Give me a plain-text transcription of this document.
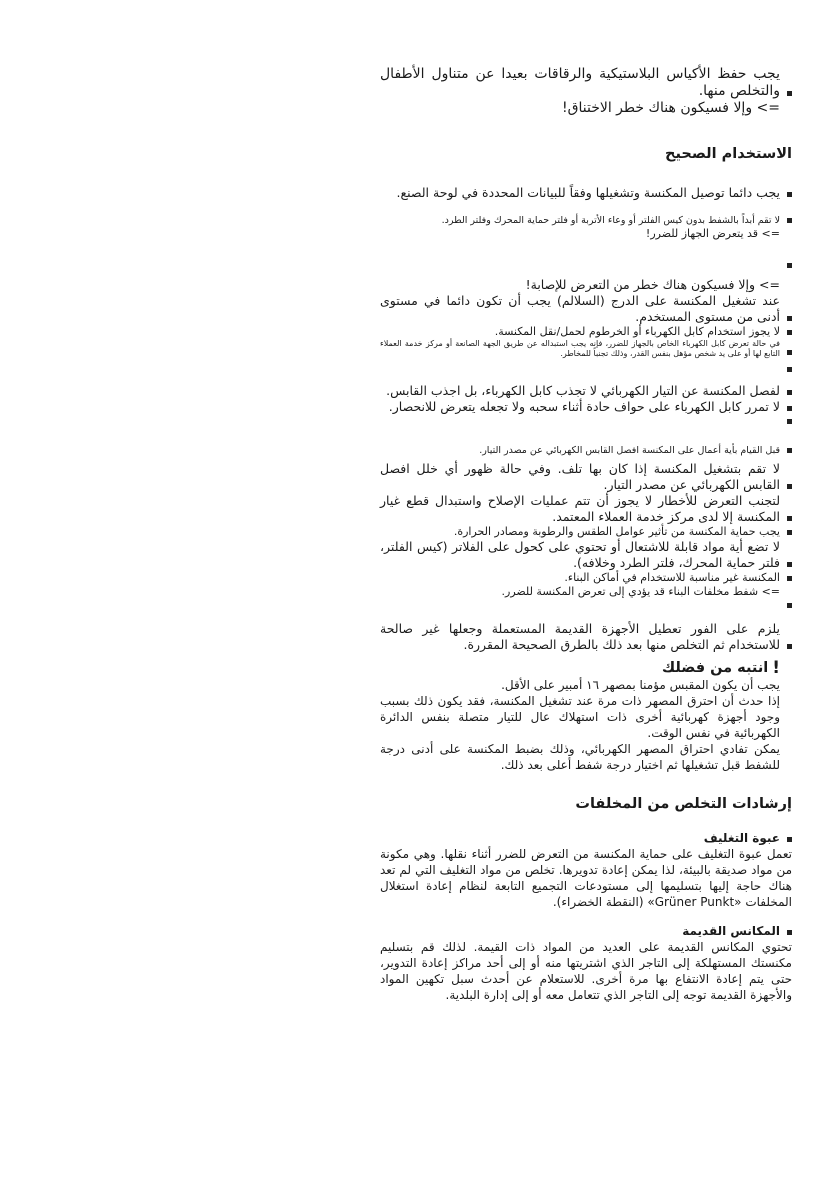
يجب حفظ الأكياس البلاستيكية والرقاقات بعيدا عن متناول الأطفال والتخلص منها.
=> وإلا فسيكون هناك خطر الاختناق!
الاستخدام الصحيح
يجب دائما توصيل المكنسة وتشغيلها وفقاً للبيانات المحددة في لوحة الصنع.
لا تقم أبداً بالشفط بدون كيس الفلتر أو وعاء الأتربة أو فلتر حماية المحرك وفلتر الطرد.
=> قد يتعرض الجهاز للضرر!
=> وإلا فسيكون هناك خطر من التعرض للإصابة!
عند تشغيل المكنسة على الدرج (السلالم) يجب أن تكون دائما في مستوى أدنى من مستوى المستخدم.
لا يجوز استخدام كابل الكهرباء أو الخرطوم لحمل/نقل المكنسة.
في حالة تعرض كابل الكهرباء الخاص بالجهاز للضرر، فإنه يجب استبداله عن طريق الجهة الصانعة أو مركز خدمة العملاء التابع لها أو على يد شخص مؤهل بنفس القدر، وذلك تجنباً للمخاطر.
لفصل المكنسة عن التيار الكهربائي لا تجذب كابل الكهرباء، بل اجذب القابس.
لا تمرر كابل الكهرباء على حواف حادة أثناء سحبه ولا تجعله يتعرض للانحصار.
قبل القيام بأية أعمال على المكنسة افصل القابس الكهربائي عن مصدر التيار.
لا تقم بتشغيل المكنسة إذا كان بها تلف. وفي حالة ظهور أي خلل افصل القابس الكهربائي عن مصدر التيار.
لتجنب التعرض للأخطار لا يجوز أن تتم عمليات الإصلاح واستبدال قطع غيار المكنسة إلا لدى مركز خدمة العملاء المعتمد.
يجب حماية المكنسة من تأثير عوامل الطقس والرطوبة ومصادر الحرارة.
لا تضع أية مواد قابلة للاشتعال أو تحتوي على كحول على الفلاتر (كيس الفلتر، فلتر حماية المحرك، فلتر الطرد وخلافه).
المكنسة غير مناسبة للاستخدام في أماكن البناء.
=> شفط مخلفات البناء قد يؤدي إلى تعرض المكنسة للضرر.
يلزم على الفور تعطيل الأجهزة القديمة المستعملة وجعلها غير صالحة للاستخدام ثم التخلص منها بعد ذلك بالطرق الصحيحة المقررة.
!
انتبه من فضلك
يجب أن يكون المقبس مؤمنا بمصهر ١٦ أمبير على الأقل.
إذا حدث أن احترق المصهر ذات مرة عند تشغيل المكنسة، فقد يكون ذلك بسبب وجود أجهزة كهربائية أخرى ذات استهلاك عال للتيار متصلة بنفس الدائرة الكهربائية في نفس الوقت.
يمكن تفادي احتراق المصهر الكهربائي، وذلك بضبط المكنسة على أدنى درجة للشفط قبل تشغيلها ثم اختيار درجة شفط أعلى بعد ذلك.
إرشادات التخلص من المخلفات
عبوة التغليف
تعمل عبوة التغليف على حماية المكنسة من التعرض للضرر أثناء نقلها. وهي مكونة من مواد صديقة بالبيئة، لذا يمكن إعادة تدويرها. تخلص من مواد التغليف التي لم تعد هناك حاجة إليها بتسليمها إلى مستودعات التجميع التابعة لنظام إعادة استغلال المخلفات «Grüner Punkt» (النقطة الخضراء).
المكانس القديمة
تحتوي المكانس القديمة على العديد من المواد ذات القيمة. لذلك قم بتسليم مكنستك المستهلكة إلى التاجر الذي اشتريتها منه أو إلى أحد مراكز إعادة التدوير، حتى يتم إعادة الانتفاع بها مرة أخرى. للاستعلام عن أحدث سبل تكهين المواد والأجهزة القديمة توجه إلى التاجر الذي تتعامل معه أو إلى إدارة البلدية.
